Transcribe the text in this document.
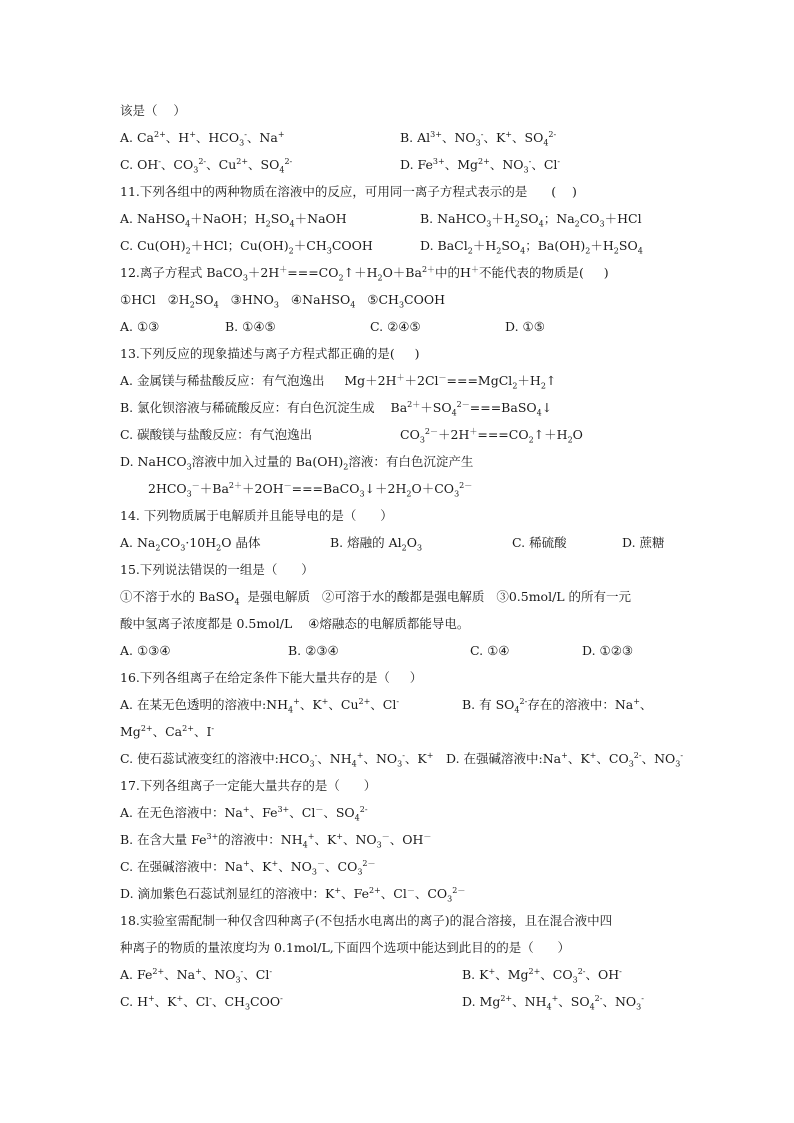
该是（    ）
A. $Ca^{2+}$、H+、$HCO_3^-$、Na+	B. $Al^{3+}$、$NO_3^-$、K+、$SO_4^{2-}$
C. OH-、$CO_3^{2-}$、$Cu^{2+}$、$SO_4^{2-}$	D. $Fe^{3+}$、$Mg^{2+}$、$NO_3^-$、Cl-
11.下列各组中的两种物质在溶液中的反应，可用同一离子方程式表示的是      (    )
A. NaHSO$_4$＋NaOH；$H_2SO_4+NaOH$	B. $NaHCO_3+H_2SO_4$；$Na_2CO_3+HCl$
C. $Cu(OH)_2+HCl$；$Cu(OH)_2+CH_3COOH$	D. $BaCl_2+H_2SO_4$；$Ba(OH)_2+H_2SO_4$
12.离子方程式 $BaCO_3+2H^+===CO_2↑+H_2O+Ba^{2+}$中的H＋不能代表的物质是(     )
①HCl   $②H_2SO_4$   $③HNO_3$   ④NaHSO$_4$   $⑤CH_3COOH$
A. ①③	B. ①④⑤	C. ②④⑤	D. ①⑤
13.下列反应的现象描述与离子方程式都正确的是(     )
A. 金属镁与稀盐酸反应：有气泡逸出     $Mg+2H^++2Cl^-===MgCl_2+H_2↑$
B. 氯化钡溶液与稀硫酸反应：有白色沉淀生成    $Ba^{2+}+SO_4^{2-}===BaSO_4↓$
C. 碳酸镁与盐酸反应：有气泡逸出	$CO_3^{2-}+2H^+===CO_2↑+H_2O$
D. NaHCO$_3$溶液中加入过量的 $Ba(OH)_2$溶液：有白色沉淀产生
$2HCO_3^-+Ba^{2+}+2OH^-===BaCO_3↓+2H_2O+CO_3^{2-}$
14. 下列物质属于电解质并且能导电的是（      ）
A. $Na_2CO_3\cdot 10H_2O$ 晶体	B. 熔融的 $Al_2O_3$	C. 稀硫酸	D. 蔗糖
15.下列说法错误的一组是（      ）
①不溶于水的 BaSO$_4$  是强电解质   ②可溶于水的酸都是强电解质   ③0.5mol/L 的所有一元
酸中氢离子浓度都是 0.5mol/L    ④熔融态的电解质都能导电。
A. ①③④	B. ②③④	C. ①④	D. ①②③
16.下列各组离子在给定条件下能大量共存的是（     ）
A. 在某无色透明的溶液中$:NH_4^+$、K+、$Cu^{2+}$、Cl-	B. 有 $SO_4^{2-}$存在的溶液中：Na+、
$Mg^{2+}$、$Ca^{2+}$、I-
C. 使石蕊试液变红的溶液中$:HCO_3^-$、$NH_4^+$、$NO_3^-$、K+ D. 在强碱溶液中:Na+、K+、$CO_3^{2-}$、$NO_3^-$
17.下列各组离子一定能大量共存的是（      ）
A. 在无色溶液中：Na+、$Fe^{3+}$、Cl－、$SO_4^{2-}$
B. 在含大量 $Fe^{3+}$的溶液中：$NH_4^+$、K+、$NO_3^-$、OH－
C. 在强碱溶液中：Na+、K+、$NO_3^-$、$CO_3^{2-}$
D. 滴加紫色石蕊试剂显红的溶液中：K+、$Fe^{2+}$、Cl－、$CO_3^{2-}$
18.实验室需配制一种仅含四种离子(不包括水电离出的离子)的混合溶接，且在混合液中四
种离子的物质的量浓度均为 0.1mol/L,下面四个选项中能达到此目的的是（      ）
A. $Fe^{2+}$、Na+、$NO_3^-$、Cl-	B. K+、$Mg^{2+}$、$CO_3^{2-}$、OH-
C. H+、K+、Cl-、$CH_3COO^-$	D. $Mg^{2+}$、$NH_4^+$、$SO_4^{2-}$、$NO_3^-$
